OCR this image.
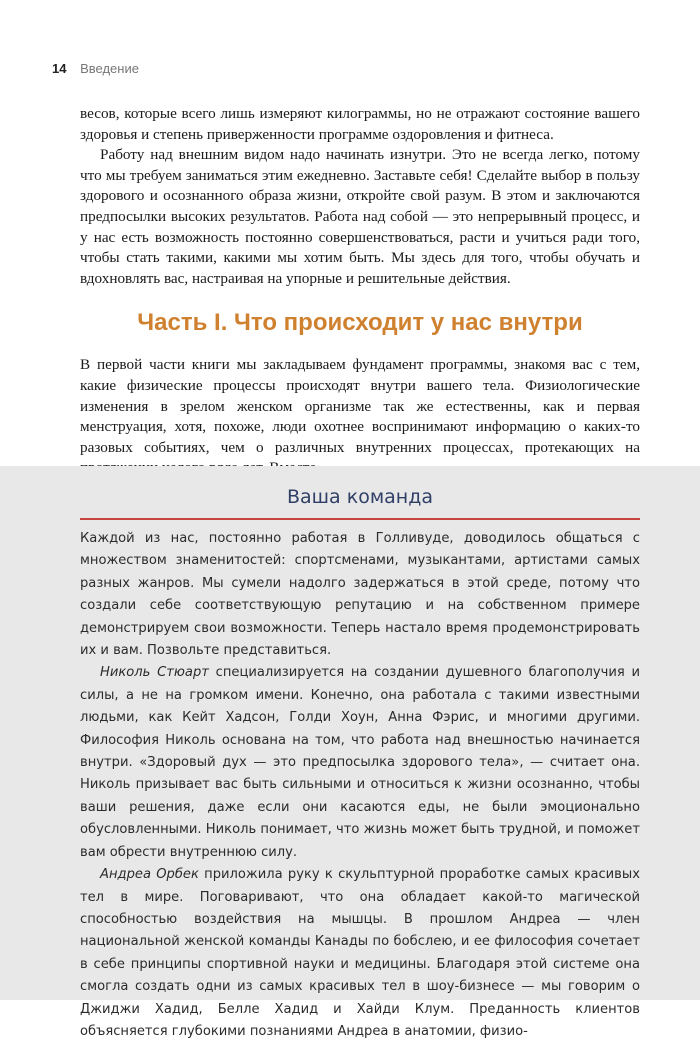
14 Введение

весов, которые всего лишь измеряют килограммы, но не отражают состояние вашего здоровья и степень приверженности программе оздоровления и фитнеса.

Работу над внешним видом надо начинать изнутри. Это не всегда легко, потому что мы требуем заниматься этим ежедневно. Заставьте себя! Сделайте выбор в пользу здорового и осознанного образа жизни, откройте свой разум. В этом и заключаются предпосылки высоких результатов. Работа над собой — это непрерывный процесс, и у нас есть возможность постоянно совершенствоваться, расти и учиться ради того, чтобы стать такими, какими мы хотим быть. Мы здесь для того, чтобы обучать и вдохновлять вас, настраивая на упорные и решительные действия.

Часть I. Что происходит у нас внутри

В первой части книги мы закладываем фундамент программы, знакомя вас с тем, какие физические процессы происходят внутри вашего тела. Физиологические изменения в зрелом женском организме так же естественны, как и первая менструация, хотя, похоже, люди охотнее воспринимают информацию о каких-то разовых событиях, чем о различных внутренних процессах, протекающих на

Ваша команда

Каждой из нас, постоянно работая в Голливуде, доводилось общаться с множеством знаменитостей: спортсменами, музыкантами, артистами самых разных жанров. Мы сумели надолго задержаться в этой среде, потому что создали себе соответствующую репутацию и на собственном примере демонстрируем свои возможности. Теперь настало время продемонстрировать их и вам. Позвольте представиться.

Николь Стюарт специализируется на создании душевного благополучия и силы, а не на громком имени. Конечно, она работала с такими известными людьми, как Кейт Хадсон, Голди Хоун, Анна Фэрис, и многими другими. Философия Николь основана на том, что работа над внешностью начинается внутри. «Здоровый дух — это предпосылка здорового тела», — считает она. Николь призывает вас быть сильными и относиться к жизни осознанно, чтобы ваши решения, даже если они касаются еды, не были эмоционально обусловленными. Николь понимает, что жизнь может быть трудной, и поможет вам обрести внутреннюю силу.

Андреа Орбек приложила руку к скульптурной проработке самых красивых тел в мире. Поговаривают, что она обладает какой-то магической способностью воздействия на мышцы. В прошлом Андреа — член национальной женской команды Канады по бобслею, и ее философия сочетает в себе принципы спортивной науки и медицины. Благодаря этой системе она смогла создать одни из самых красивых тел в шоу-бизнесе — мы говорим о Джиджи Хадид, Белле Хадид и Хайди Клум. Преданность клиентов объясняется глубокими познаниями Андреа в анатомии, физио-
